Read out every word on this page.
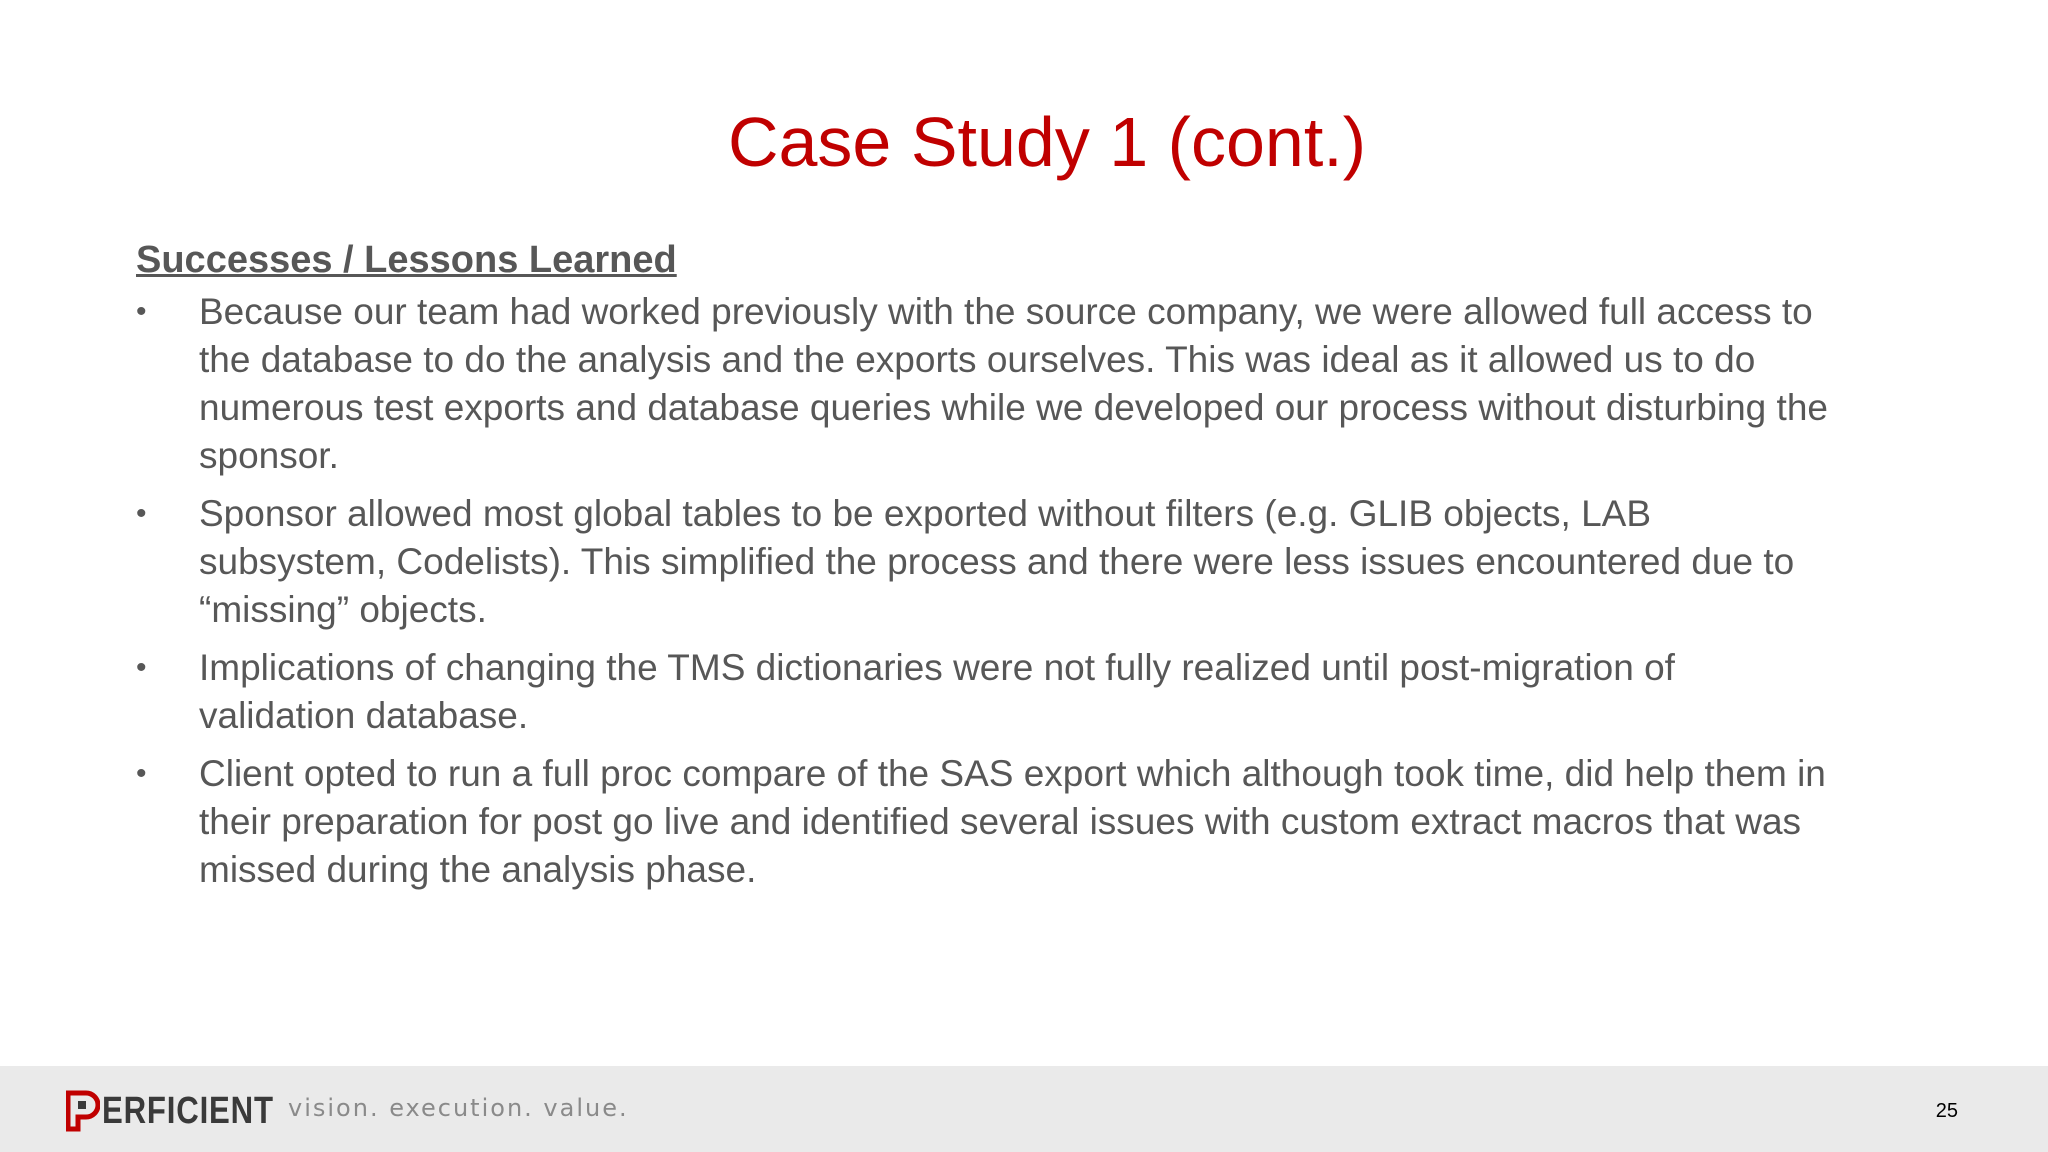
Case Study 1 (cont.)
Successes / Lessons Learned
•	Because our team had worked previously with the source company, we were allowed full access to the database to do the analysis and the exports ourselves. This was ideal as it allowed us to do numerous test exports and database queries while we developed our process without disturbing the sponsor.
•	Sponsor allowed most global tables to be exported without filters (e.g. GLIB objects, LAB subsystem, Codelists). This simplified the process and there were less issues encountered due to “missing” objects.
•	Implications of changing the TMS dictionaries were not fully realized until post-migration of validation database.
•	Client opted to run a full proc compare of the SAS export which although took time, did help them in their preparation for post go live and identified several issues with custom extract macros that was missed during the analysis phase.
ERFICIENT vision. execution. value.	25
